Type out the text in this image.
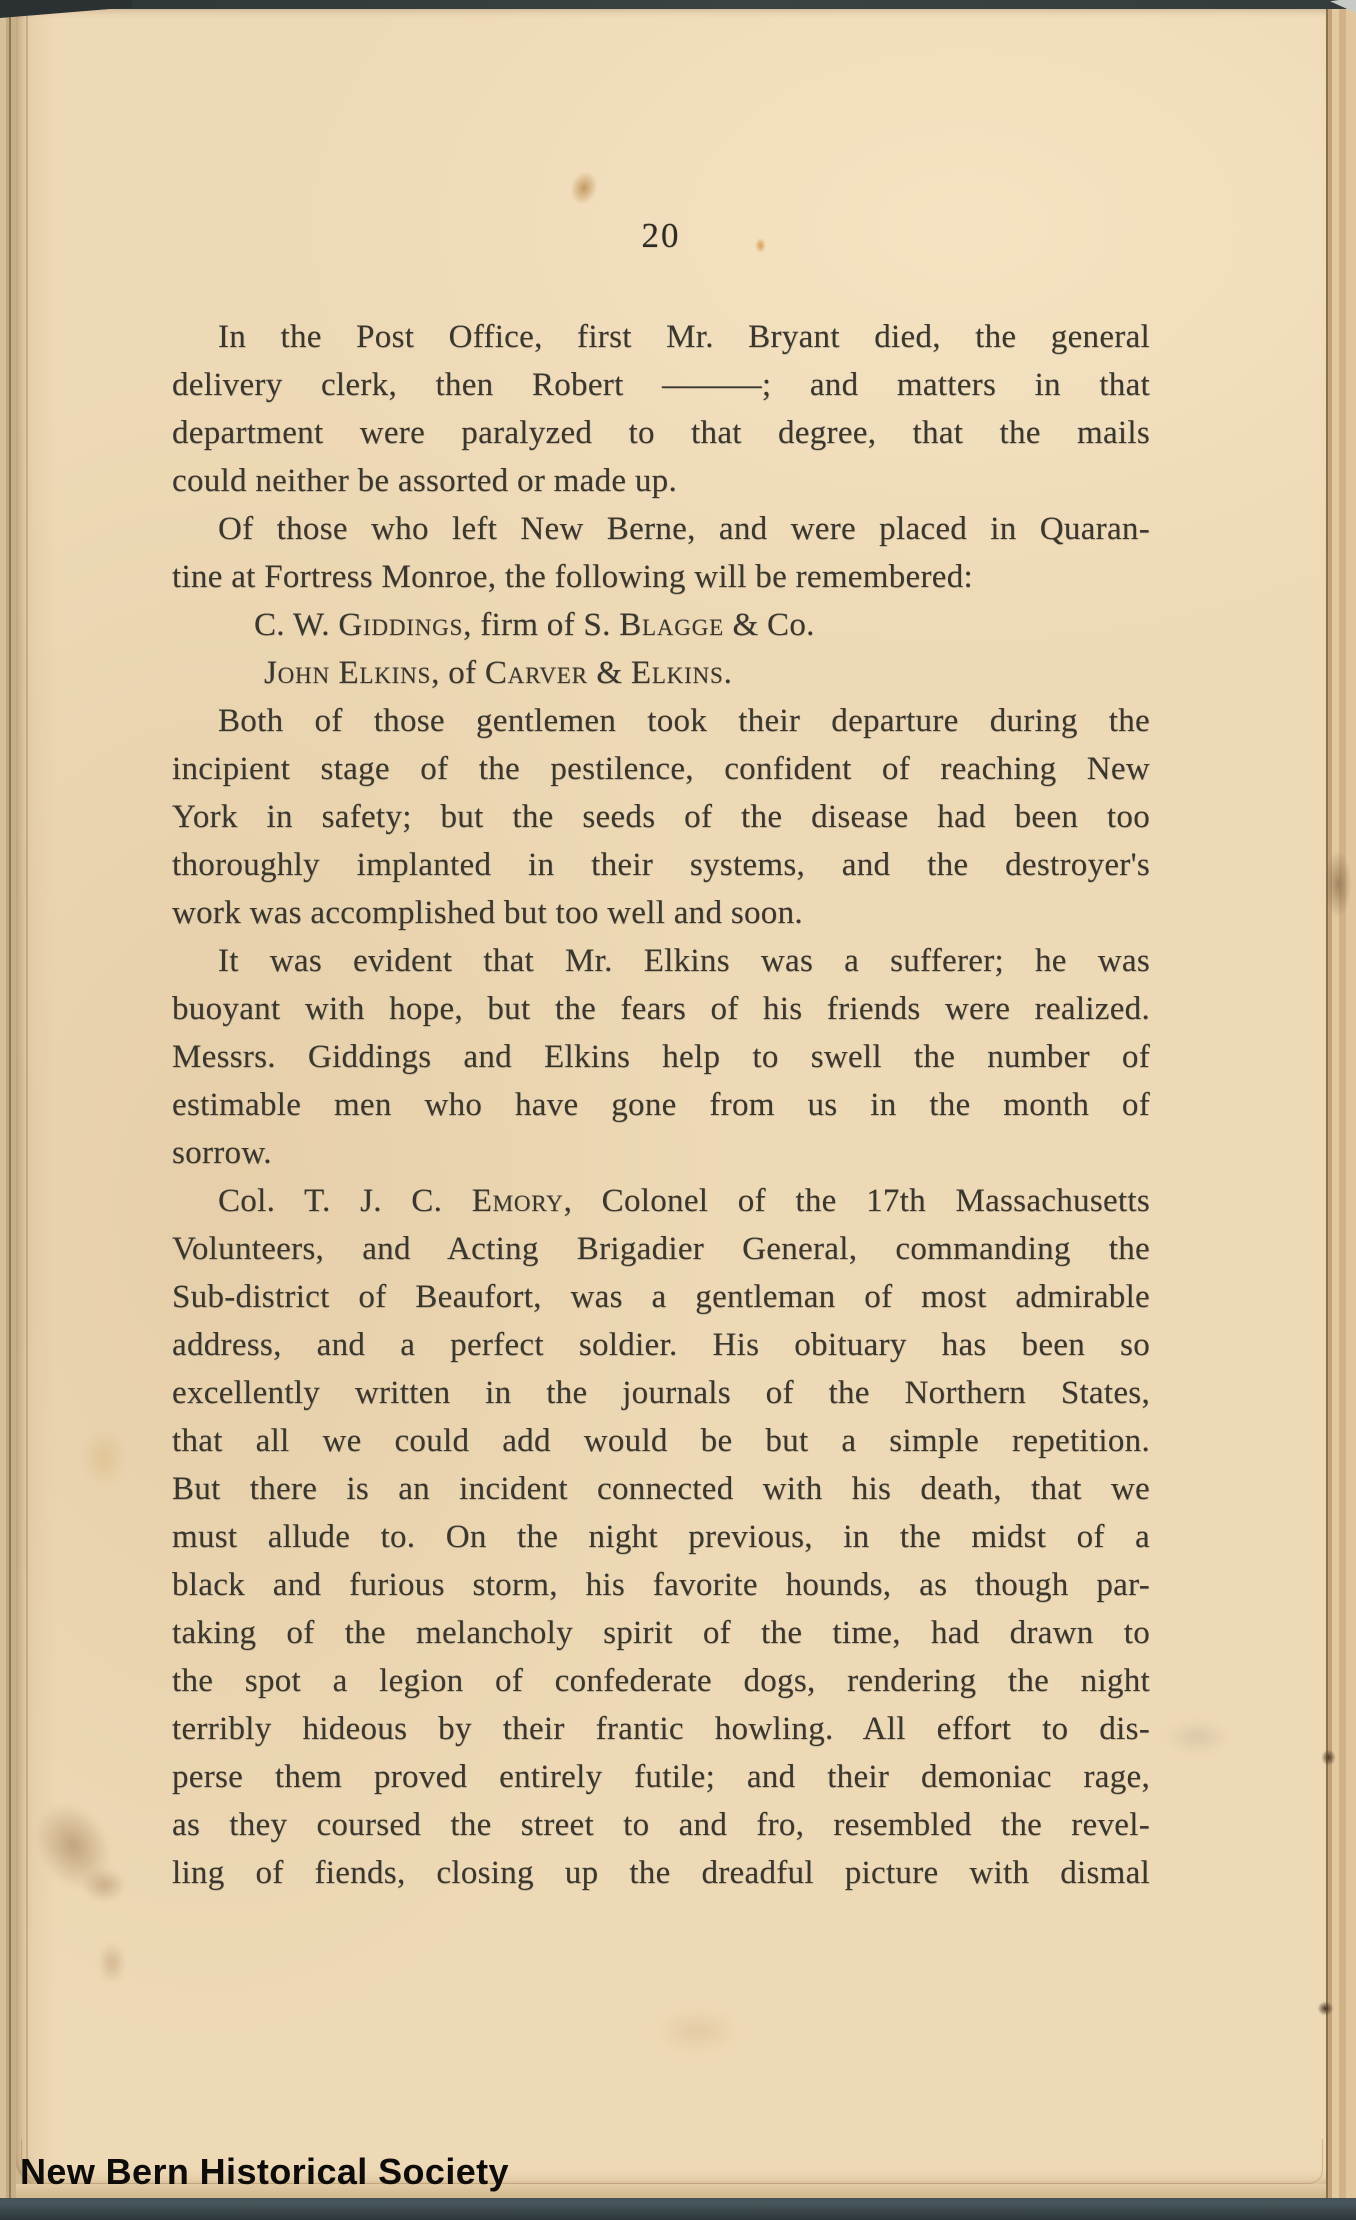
20
In the Post Office, first Mr. Bryant died, the general
delivery clerk, then Robert ———; and matters in that
department were paralyzed to that degree, that the mails
could neither be assorted or made up.
Of those who left New Berne, and were placed in Quaran-
tine at Fortress Monroe, the following will be remembered:
C. W. Giddings, firm of S. Blagge & Co.
John Elkins, of Carver & Elkins.
Both of those gentlemen took their departure during the
incipient stage of the pestilence, confident of reaching New
York in safety; but the seeds of the disease had been too
thoroughly implanted in their systems, and the destroyer's
work was accomplished but too well and soon.
It was evident that Mr. Elkins was a sufferer; he was
buoyant with hope, but the fears of his friends were realized.
Messrs. Giddings and Elkins help to swell the number of
estimable men who have gone from us in the month of
sorrow.
Col. T. J. C. Emory, Colonel of the 17th Massachusetts
Volunteers, and Acting Brigadier General, commanding the
Sub-district of Beaufort, was a gentleman of most admirable
address, and a perfect soldier. His obituary has been so
excellently written in the journals of the Northern States,
that all we could add would be but a simple repetition.
But there is an incident connected with his death, that we
must allude to. On the night previous, in the midst of a
black and furious storm, his favorite hounds, as though par-
taking of the melancholy spirit of the time, had drawn to
the spot a legion of confederate dogs, rendering the night
terribly hideous by their frantic howling. All effort to dis-
perse them proved entirely futile; and their demoniac rage,
as they coursed the street to and fro, resembled the revel-
ling of fiends, closing up the dreadful picture with dismal
New Bern Historical Society
